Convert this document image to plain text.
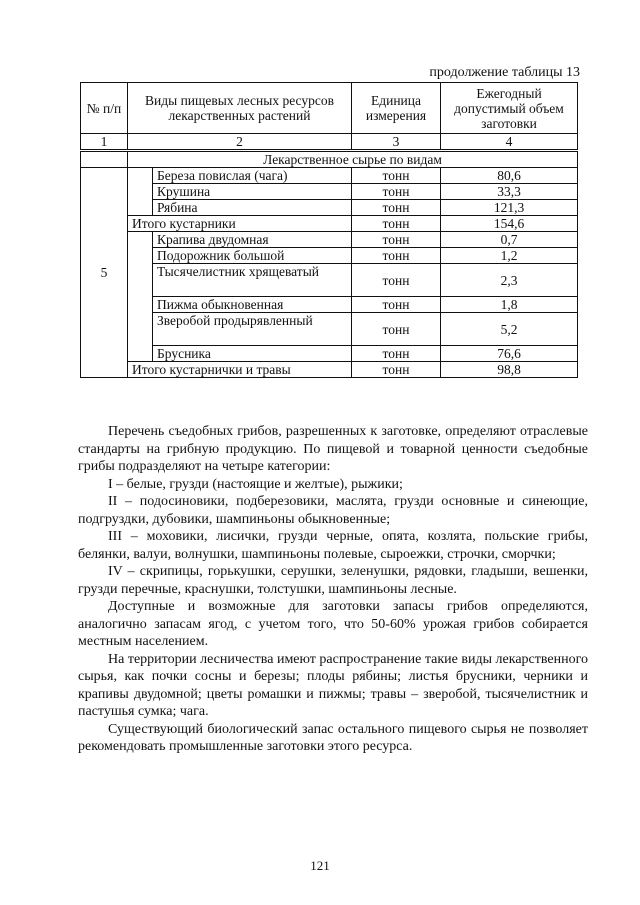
продолжение таблицы 13
№ п/п	Виды пищевых лесных ресурсов лекарственных растений		Единица измерения	Ежегодный допустимый объем заготовки
1	2		3	4
	Лекарственное сырье по видам			
5		Береза повислая (чага)	тонн	80,6
		Крушина	тонн	33,3
		Рябина	тонн	121,3
	Итого кустарники		тонн	154,6
		Крапива двудомная	тонн	0,7
		Подорожник большой	тонн	1,2
		Тысячелистник хрящеватый	тонн	2,3
		Пижма обыкновенная	тонн	1,8
		Зверобой продырявленный	тонн	5,2
		Брусника	тонн	76,6
	Итого кустарнички и травы		тонн	98,8

Перечень съедобных грибов, разрешенных к заготовке, определяют отраслевые стандарты на грибную продукцию. По пищевой и товарной ценности съедобные грибы подразделяют на четыре категории:

I – белые, грузди (настоящие и желтые), рыжики;

II – подосиновики, подберезовики, маслята, грузди основные и синеющие, подгруздки, дубовики, шампиньоны обыкновенные;

III – моховики, лисички, грузди черные, опята, козлята, польские грибы, белянки, валуи, волнушки, шампиньоны полевые, сыроежки, строчки, сморчки;

IV – скрипицы, горькушки, серушки, зеленушки, рядовки, гладыши, вешенки, грузди перечные, краснушки, толстушки, шампиньоны лесные.

Доступные и возможные для заготовки запасы грибов определяются, аналогично запасам ягод, с учетом того, что 50-60% урожая грибов собирается местным населением.

На территории лесничества имеют распространение такие виды лекарственного сырья, как почки сосны и березы; плоды рябины; листья брусники, черники и крапивы двудомной; цветы ромашки и пижмы; травы – зверобой, тысячелистник и пастушья сумка; чага.

Существующий биологический запас остального пищевого сырья не позволяет рекомендовать промышленные заготовки этого ресурса.

121
